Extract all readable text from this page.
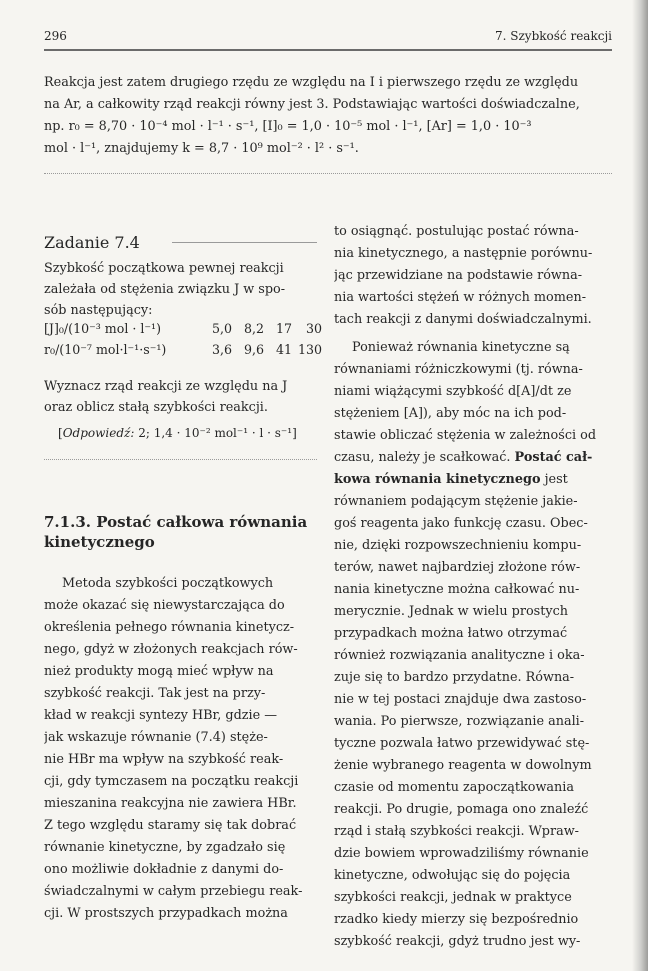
296	7. Szybkość reakcji
Reakcja jest zatem drugiego rzędu ze względu na I i pierwszego rzędu ze względu
na Ar, a całkowity rząd reakcji równy jest 3. Podstawiając wartości doświadczalne,
np. r₀ = 8,70 · 10⁻⁴ mol · l⁻¹ · s⁻¹, [I]₀ = 1,0 · 10⁻⁵ mol · l⁻¹, [Ar] = 1,0 · 10⁻³
mol · l⁻¹, znajdujemy k = 8,7 · 10⁹ mol⁻² · l² · s⁻¹.
Zadanie 7.4
Szybkość początkowa pewnej reakcji
zależała od stężenia związku J w spo-
sób następujący:
[J]₀/(10⁻³ mol · l⁻¹)	5,0 8,2 17	30
r₀/(10⁻⁷ mol·l⁻¹·s⁻¹)	3,6 9,6 41 130
Wyznacz rząd reakcji ze względu na J
oraz oblicz stałą szybkości reakcji.
[Odpowiedź: 2; 1,4 · 10⁻² mol⁻¹ · l · s⁻¹]
7.1.3. Postać całkowa równania
kinetycznego
Metoda szybkości początkowych
może okazać się niewystarczająca do
określenia pełnego równania kinetycz-
nego, gdyż w złożonych reakcjach rów-
nież produkty mogą mieć wpływ na
szybkość reakcji. Tak jest na przy-
kład w reakcji syntezy HBr, gdzie —
jak wskazuje równanie (7.4) stęże-
nie HBr ma wpływ na szybkość reak-
cji, gdy tymczasem na początku reakcji
mieszanina reakcyjna nie zawiera HBr.
Z tego względu staramy się tak dobrać
równanie kinetyczne, by zgadzało się
ono możliwie dokładnie z danymi do-
świadczalnymi w całym przebiegu reak-
cji. W prostszych przypadkach można
to osiągnąć. postulując postać równa-
nia kinetycznego, a następnie porównu-
jąc przewidziane na podstawie równa-
nia wartości stężeń w różnych momen-
tach reakcji z danymi doświadczalnymi.
Ponieważ równania kinetyczne są
równaniami różniczkowymi (tj. równa-
niami wiążącymi szybkość d[A]/dt ze
stężeniem [A]), aby móc na ich pod-
stawie obliczać stężenia w zależności od
czasu, należy je scałkować. Postać cał-
kowa równania kinetycznego jest
równaniem podającym stężenie jakie-
goś reagenta jako funkcję czasu. Obec-
nie, dzięki rozpowszechnieniu kompu-
terów, nawet najbardziej złożone rów-
nania kinetyczne można całkować nu-
merycznie. Jednak w wielu prostych
przypadkach można łatwo otrzymać
również rozwiązania analityczne i oka-
zuje się to bardzo przydatne. Równa-
nie w tej postaci znajduje dwa zastoso-
wania. Po pierwsze, rozwiązanie anali-
tyczne pozwala łatwo przewidywać stę-
żenie wybranego reagenta w dowolnym
czasie od momentu zapoczątkowania
reakcji. Po drugie, pomaga ono znaleźć
rząd i stałą szybkości reakcji. Wpraw-
dzie bowiem wprowadziliśmy równanie
kinetyczne, odwołując się do pojęcia
szybkości reakcji, jednak w praktyce
rzadko kiedy mierzy się bezpośrednio
szybkość reakcji, gdyż trudno jest wy-
